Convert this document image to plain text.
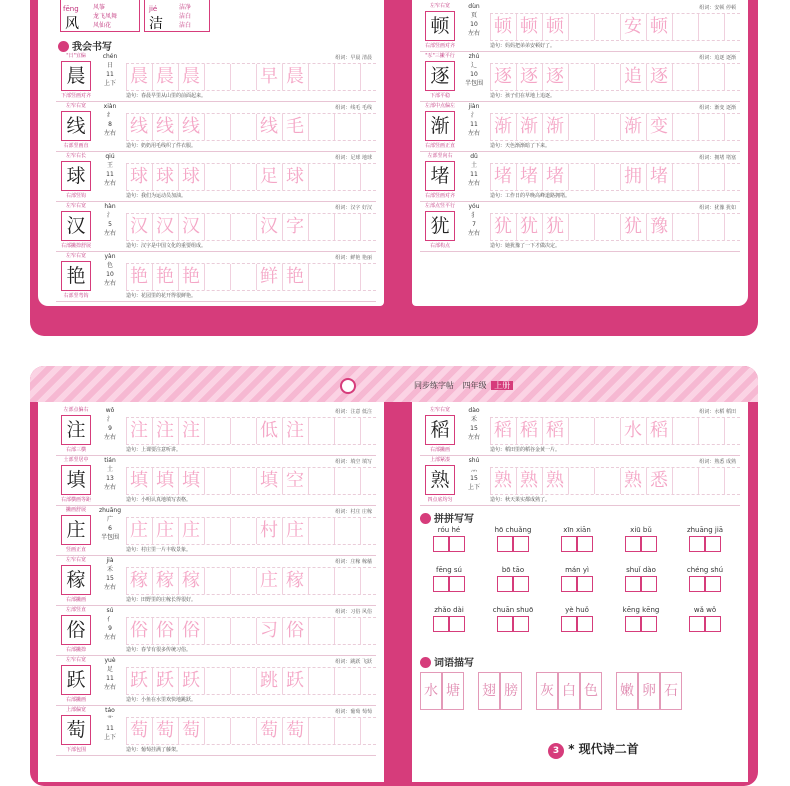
fēng
风
风筝
龙飞凤舞
风仙花
jié
洁
洁净
洁白
洁白
我会书写
"日"宜偏
晨
下部竖画对齐
chén
日
11
上下
组词：早晨 清晨
晨 晨 晨	早 晨
造句：春晨早里从山里的前面起来。
左窄右宽
线
右部竖画直
xiàn
纟
8
左右
组词：线毛 毛线
线 线 线	线 毛
造句：奶奶用毛线织了件衣服。
左窄右长
球
右部竖钩
qiú
王
11
左右
组词：足球 地球
球 球 球	足 球
造句：我们为运动员加油。
左窄右宽
汉
右部撇捺舒展
hàn
氵
5
左右
组词：汉字 好汉
汉 汉 汉	汉 字
造句：汉字是中国文化的重要组成。
左窄右宽
艳
右部竖弯钩
yàn
色
10
左右
组词：鲜艳 艳丽
艳 艳 艳	鲜 艳
造句：花园里的花开得很鲜艳。
左窄右宽
顿
右部竖画对齐
dùn
页
10
左右
组词：安顿 停顿
顿 顿 顿	安 顿
造句：妈妈把弟弟安顿好了。
"豕"三撇平行
逐
下部平稳
zhú
辶
10
半包围
组词：追逐 逐渐
逐 逐 逐	追 逐
造句：孩子们在草地上追逐。
左部中点偏左
渐
右部竖画正直
jiàn
氵
11
左右
组词：渐变 逐渐
渐 渐 渐	渐 变
造句：天色渐渐暗了下来。
左部竖向右
堵
右部竖画对齐
dǔ
土
11
左右
组词：拥堵 堵塞
堵 堵 堵	拥 堵
造句：工作日的早晚高峰道路拥堵。
左部点竖平行
犹
右部构点
yóu
犭
7
左右
组词：犹豫 犹如
犹 犹 犹	犹 豫
造句：她犹豫了一下才做决定。
同步练字帖 四年级 上册
左部点偏右
注
右部三横
wǒ
氵
9
左右
组词：注意 低注
注 注 注	低 注
造句：上课要注意听讲。
土部竖居中
填
右部横画等距
tián
土
13
左右
组词：填空 填写
填 填 填	填 空
造句：小明认真地填写表格。
撇画舒展
庄
竖画正直
zhuāng
广
6
半包围
组词：村庄 庄稼
庄 庄 庄	村 庄
造句：村庄里一片丰收景象。
左窄右宽
稼
右部撇画
jià
禾
15
左右
组词：庄稼 稼穑
稼 稼 稼	庄 稼
造句：田野里的庄稼长得很好。
左部竖直
俗
右部撇捺
sú
亻
9
左右
组词：习俗 风俗
俗 俗 俗	习 俗
造句：春节有很多传统习俗。
左窄右宽
跃
右部撇画
yuè
足
11
左右
组词：跳跃 飞跃
跃 跃 跃	跳 跃
造句：小鱼在水里欢快地跳跃。
上部偏宽
萄
下部包围
táo
艹
11
上下
组词：葡萄 萄萄
萄 萄 萄	萄 萄
造句：葡萄挂满了藤架。
左窄右宽
稻
右部撇画
dào
禾
15
左右
组词：水稻 稻田
稻 稻 稻	水 稻
造句：稻田里的稻谷金黄一片。
上部紧凑
熟
四点底均匀
shú
灬
15
上下
组词：熟悉 成熟
熟 熟 熟	熟 悉
造句：秋天果实都成熟了。
拼拼写写
róu hé	hō chuǎng	xīn xiān	xiū bǔ	zhuāng jiā
fēng sú	bō tāo	mán yì	shuǐ dào	chéng shú
zhǎo dài	chuān shuō	yè huǒ	kēng kēng	wǎ wǒ
词语描写
水 塘 翅 膀 灰 白 色 嫩 卵 石
3 * 现代诗二首
